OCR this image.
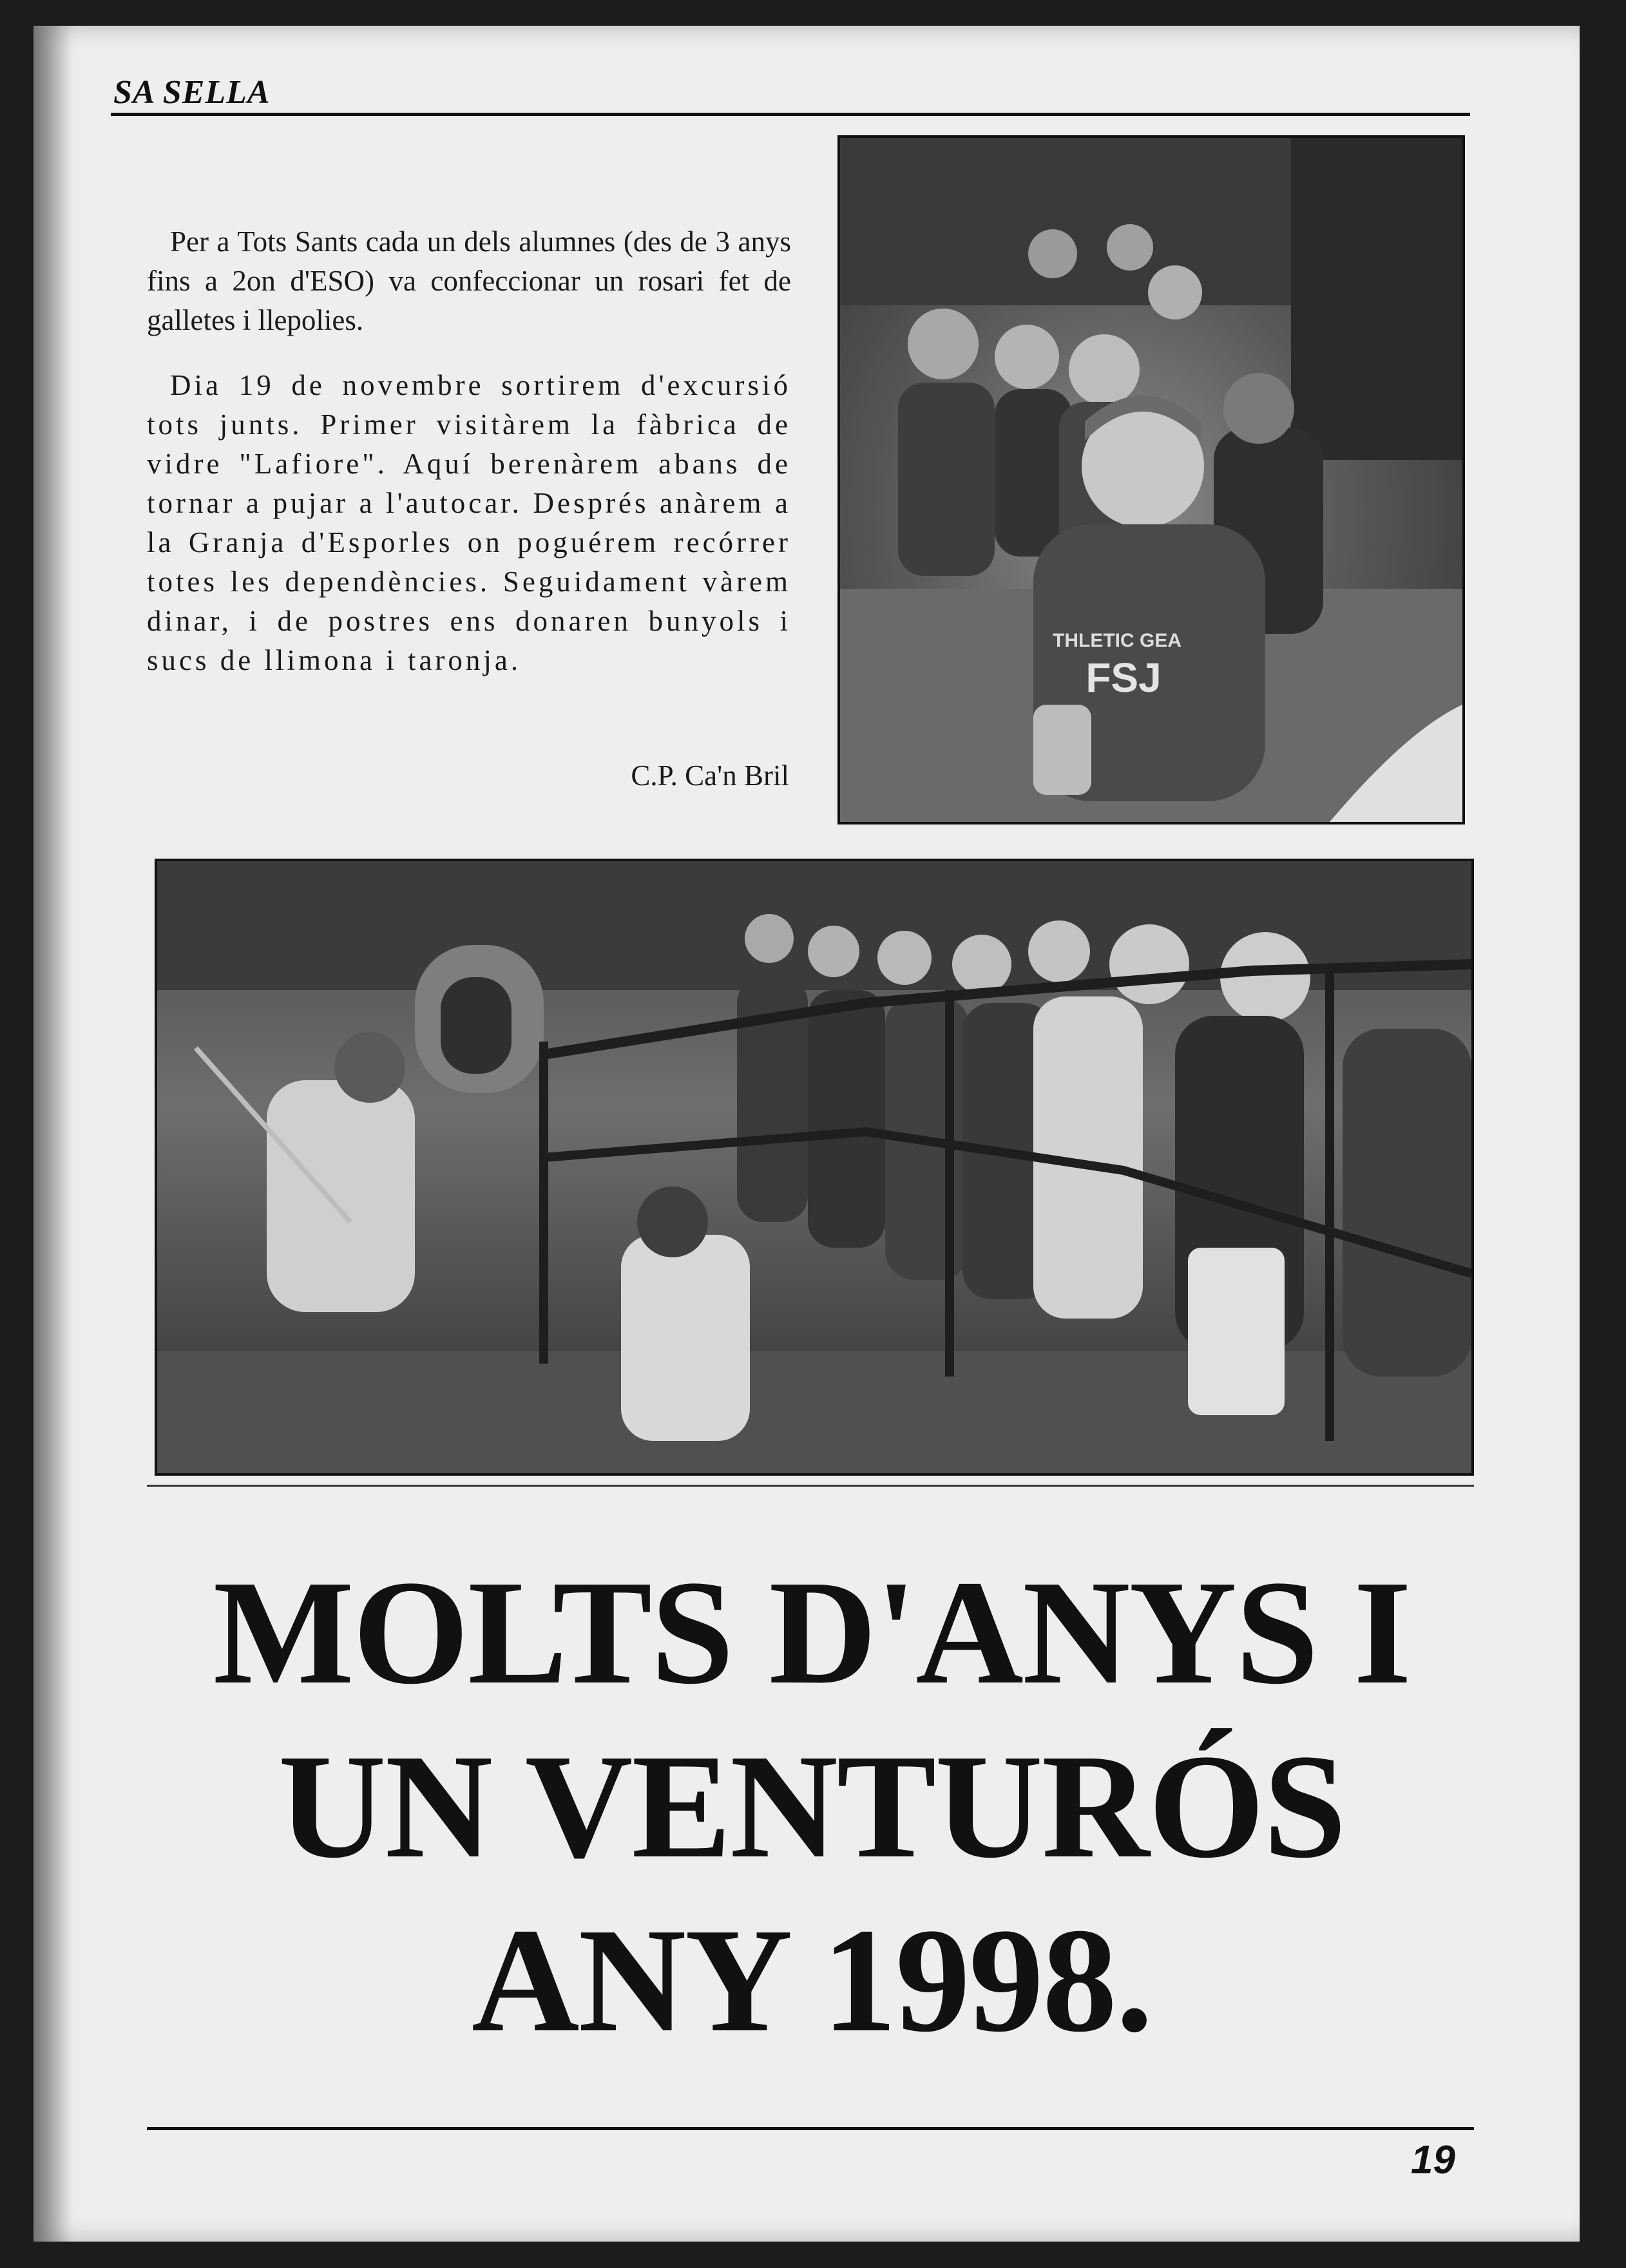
SA SELLA

Per a Tots Sants cada un dels alumnes (des de 3 anys fins a 2on d'ESO) va confeccionar un rosari fet de galletes i llepolies.

Dia 19 de novembre sortirem d'excursió tots junts. Primer visitàrem la fàbrica de vidre "Lafiore". Aquí berenàrem abans de tornar a pujar a l'autocar. Després anàrem a la Granja d'Esporles on poguérem recórrer totes les dependències. Seguidament vàrem dinar, i de postres ens donaren bunyols i sucs de llimona i taronja.

C.P. Ca'n Bril
THLETIC GEA
FSJ
MOLTS D'ANYS I
UN VENTURÓS
ANY 1998.
19
